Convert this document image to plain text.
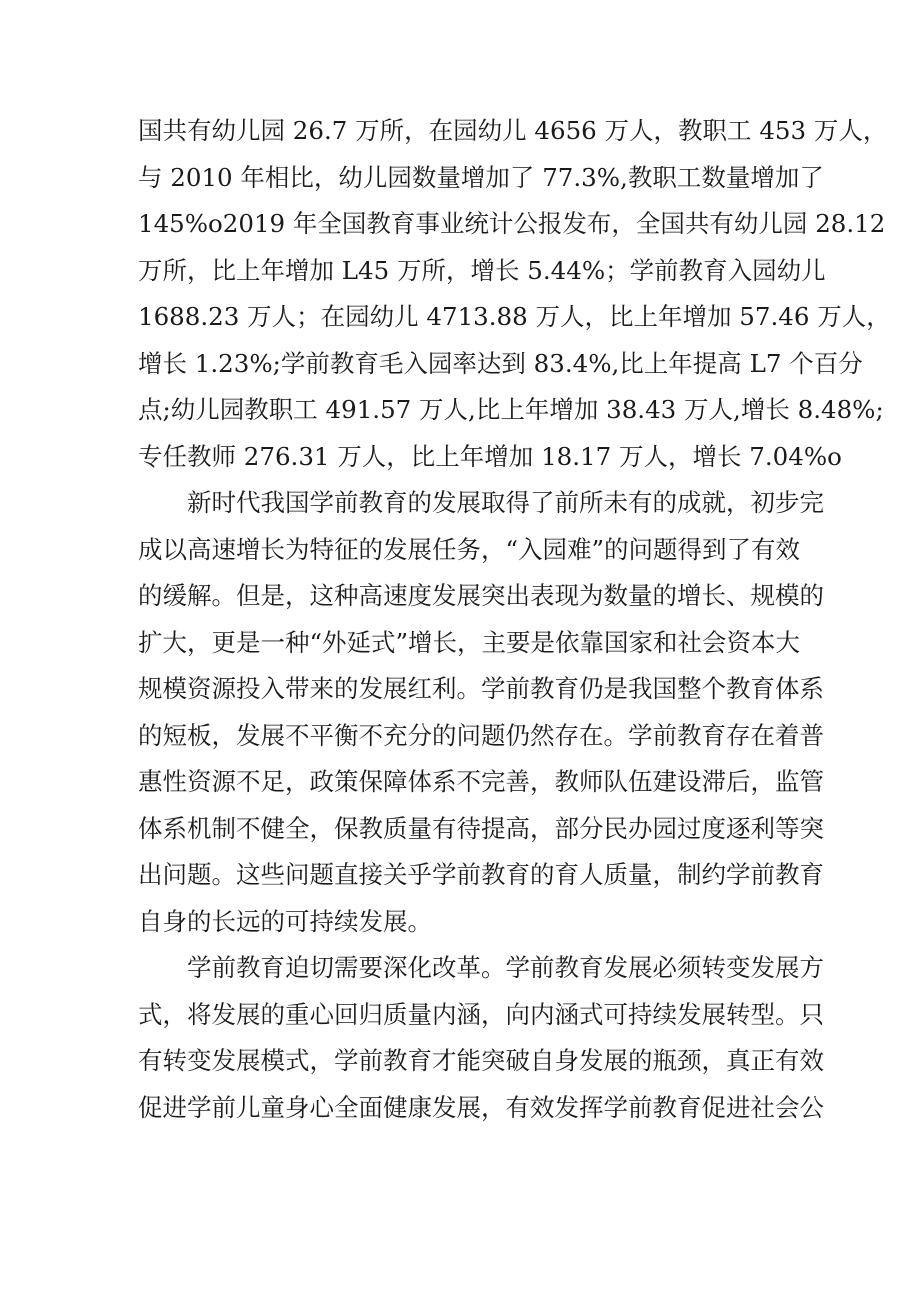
国共有幼儿园 26.7 万所，在园幼儿 4656 万人，教职工 453 万人，
与 2010 年相比，幼儿园数量增加了 77.3%,教职工数量增加了
145%o2019 年全国教育事业统计公报发布，全国共有幼儿园 28.12
万所，比上年增加 L45 万所，增长 5.44%；学前教育入园幼儿
1688.23 万人；在园幼儿 4713.88 万人，比上年增加 57.46 万人，
增长 1.23%;学前教育毛入园率达到 83.4%,比上年提高 L7 个百分
点;幼儿园教职工 491.57 万人,比上年增加 38.43 万人,增长 8.48%;
专任教师 276.31 万人，比上年增加 18.17 万人，增长 7.04%o
新时代我国学前教育的发展取得了前所未有的成就，初步完
成以高速增长为特征的发展任务，“入园难”的问题得到了有效
的缓解。但是，这种高速度发展突出表现为数量的增长、规模的
扩大，更是一种“外延式”增长，主要是依靠国家和社会资本大
规模资源投入带来的发展红利。学前教育仍是我国整个教育体系
的短板，发展不平衡不充分的问题仍然存在。学前教育存在着普
惠性资源不足，政策保障体系不完善，教师队伍建设滞后，监管
体系机制不健全，保教质量有待提高，部分民办园过度逐利等突
出问题。这些问题直接关乎学前教育的育人质量，制约学前教育
自身的长远的可持续发展。
学前教育迫切需要深化改革。学前教育发展必须转变发展方
式，将发展的重心回归质量内涵，向内涵式可持续发展转型。只
有转变发展模式，学前教育才能突破自身发展的瓶颈，真正有效
促进学前儿童身心全面健康发展，有效发挥学前教育促进社会公
